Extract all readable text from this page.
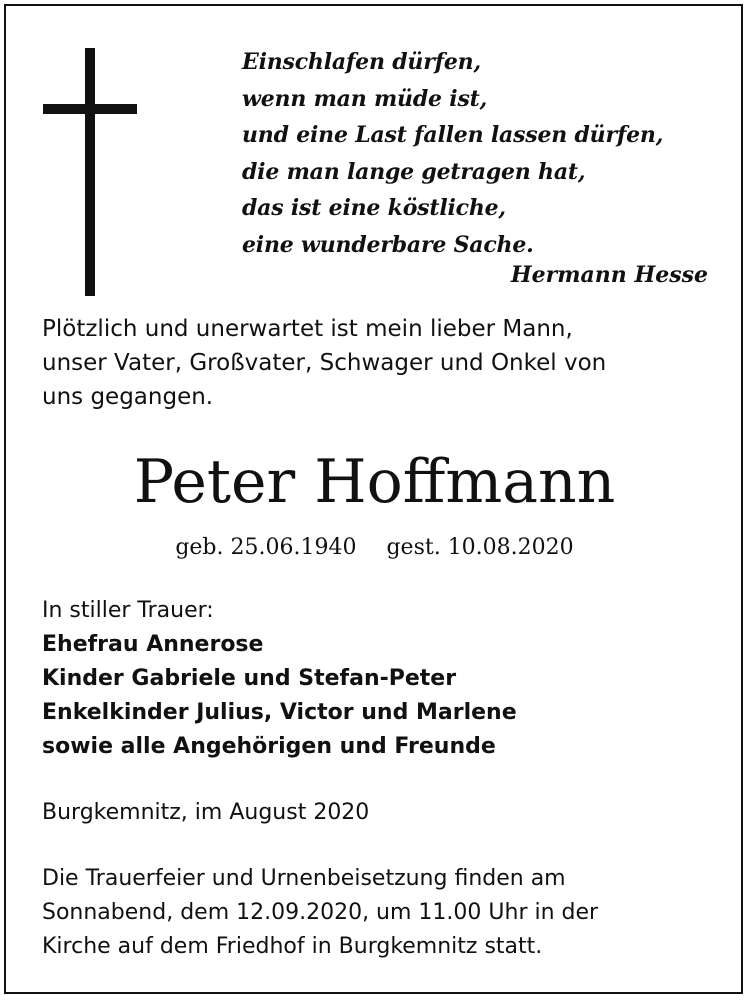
Einschlafen dürfen,
wenn man müde ist,
und eine Last fallen lassen dürfen,
die man lange getragen hat,
das ist eine köstliche,
eine wunderbare Sache.
Hermann Hesse
Plötzlich und unerwartet ist mein lieber Mann,
unser Vater, Großvater, Schwager und Onkel von
uns gegangen.
Peter Hoffmann
geb. 25.06.1940 gest. 10.08.2020
In stiller Trauer:
Ehefrau Annerose
Kinder Gabriele und Stefan-Peter
Enkelkinder Julius, Victor und Marlene
sowie alle Angehörigen und Freunde
Burgkemnitz, im August 2020
Die Trauerfeier und Urnenbeisetzung finden am
Sonnabend, dem 12.09.2020, um 11.00 Uhr in der
Kirche auf dem Friedhof in Burgkemnitz statt.
